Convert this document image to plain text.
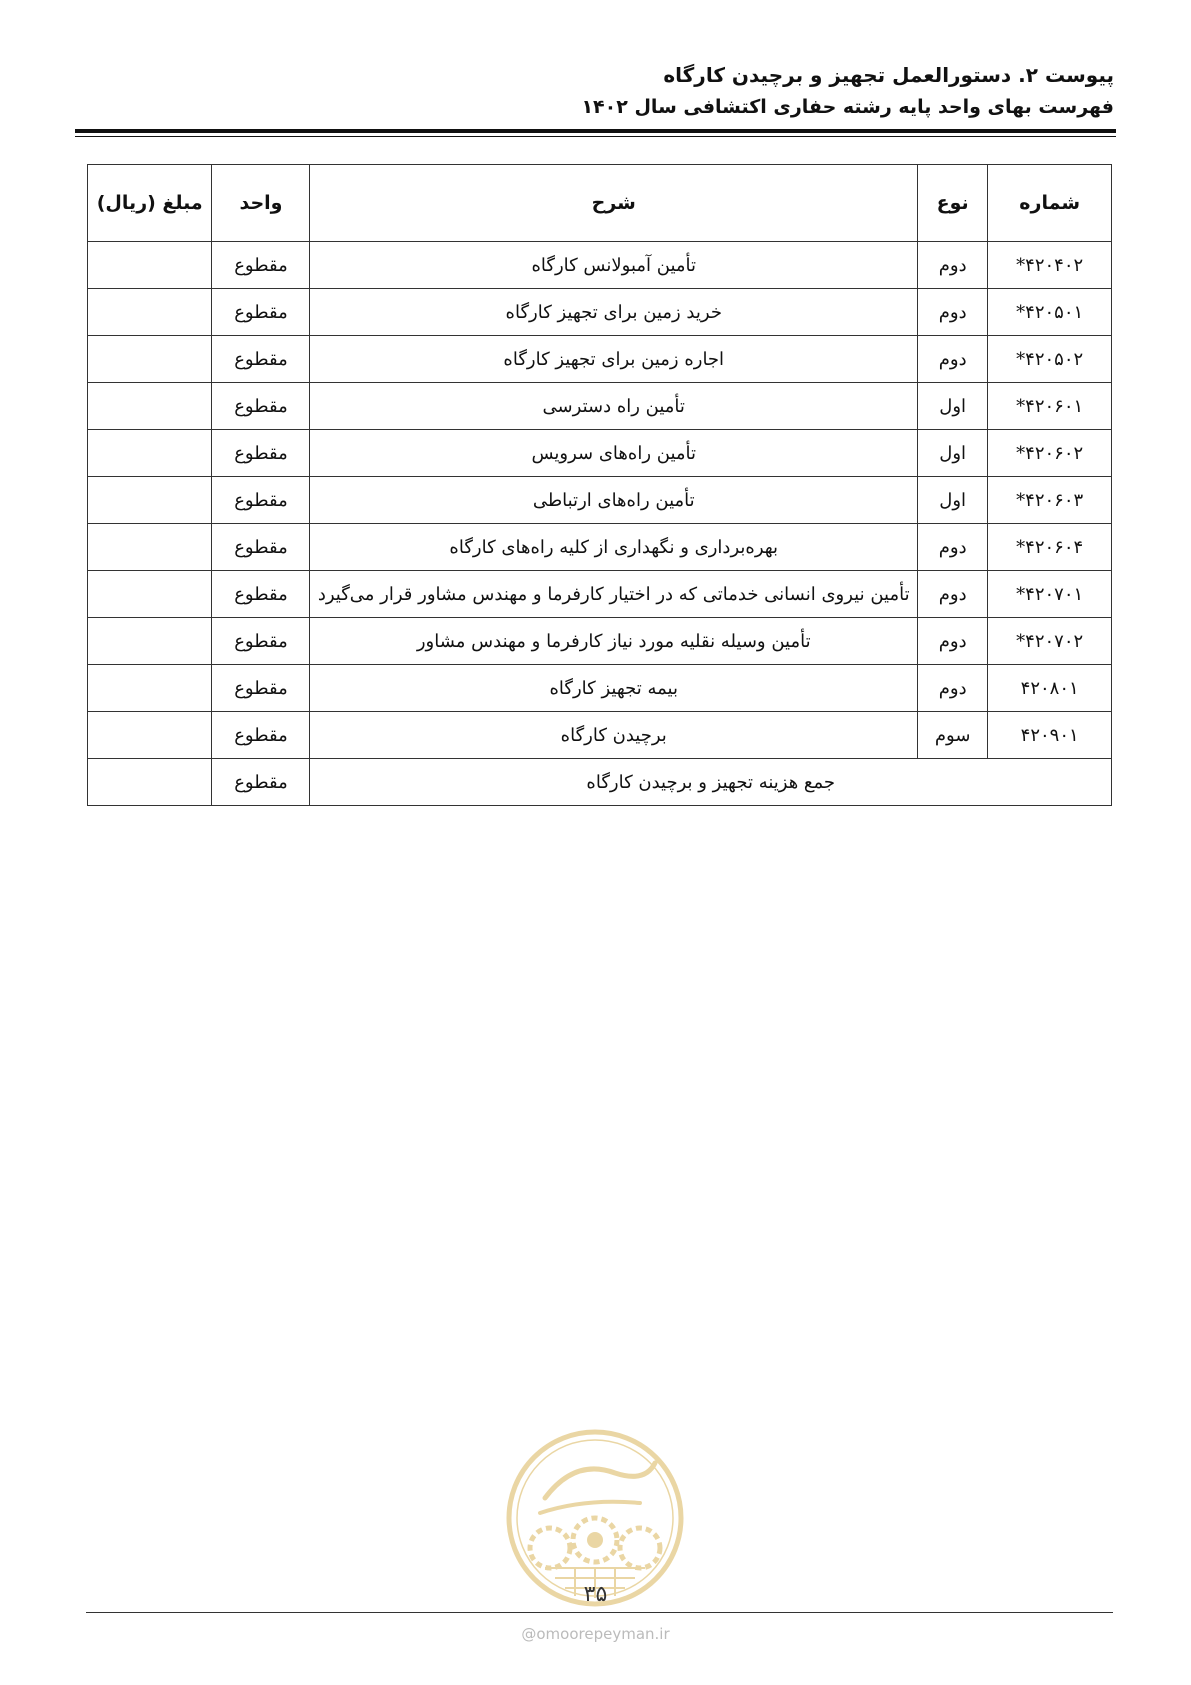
پیوست ۲. دستورالعمل تجهیز و برچیدن کارگاه
فهرست بهای واحد پایه رشته حفاری اکتشافی سال ۱۴۰۲
شماره	نوع	شرح	واحد	مبلغ (ریال)
۴۲۰۴۰۲*	دوم	تأمین آمبولانس کارگاه	مقطوع	
۴۲۰۵۰۱*	دوم	خرید زمین برای تجهیز کارگاه	مقطوع	
۴۲۰۵۰۲*	دوم	اجاره زمین برای تجهیز کارگاه	مقطوع	
۴۲۰۶۰۱*	اول	تأمین راه دسترسی	مقطوع	
۴۲۰۶۰۲*	اول	تأمین راه‌های سرویس	مقطوع	
۴۲۰۶۰۳*	اول	تأمین راه‌های ارتباطی	مقطوع	
۴۲۰۶۰۴*	دوم	بهره‌برداری و نگهداری از کلیه راه‌های کارگاه	مقطوع	
۴۲۰۷۰۱*	دوم	تأمین نیروی انسانی خدماتی که در اختیار کارفرما و مهندس مشاور قرار می‌گیرد	مقطوع	
۴۲۰۷۰۲*	دوم	تأمین وسیله نقلیه مورد نیاز کارفرما و مهندس مشاور	مقطوع	
۴۲۰۸۰۱	دوم	بیمه تجهیز کارگاه	مقطوع	
۴۲۰۹۰۱	سوم	برچیدن کارگاه	مقطوع	
جمع هزینه تجهیز و برچیدن کارگاه			مقطوع	
۳۵
@omoorepeyman.ir
